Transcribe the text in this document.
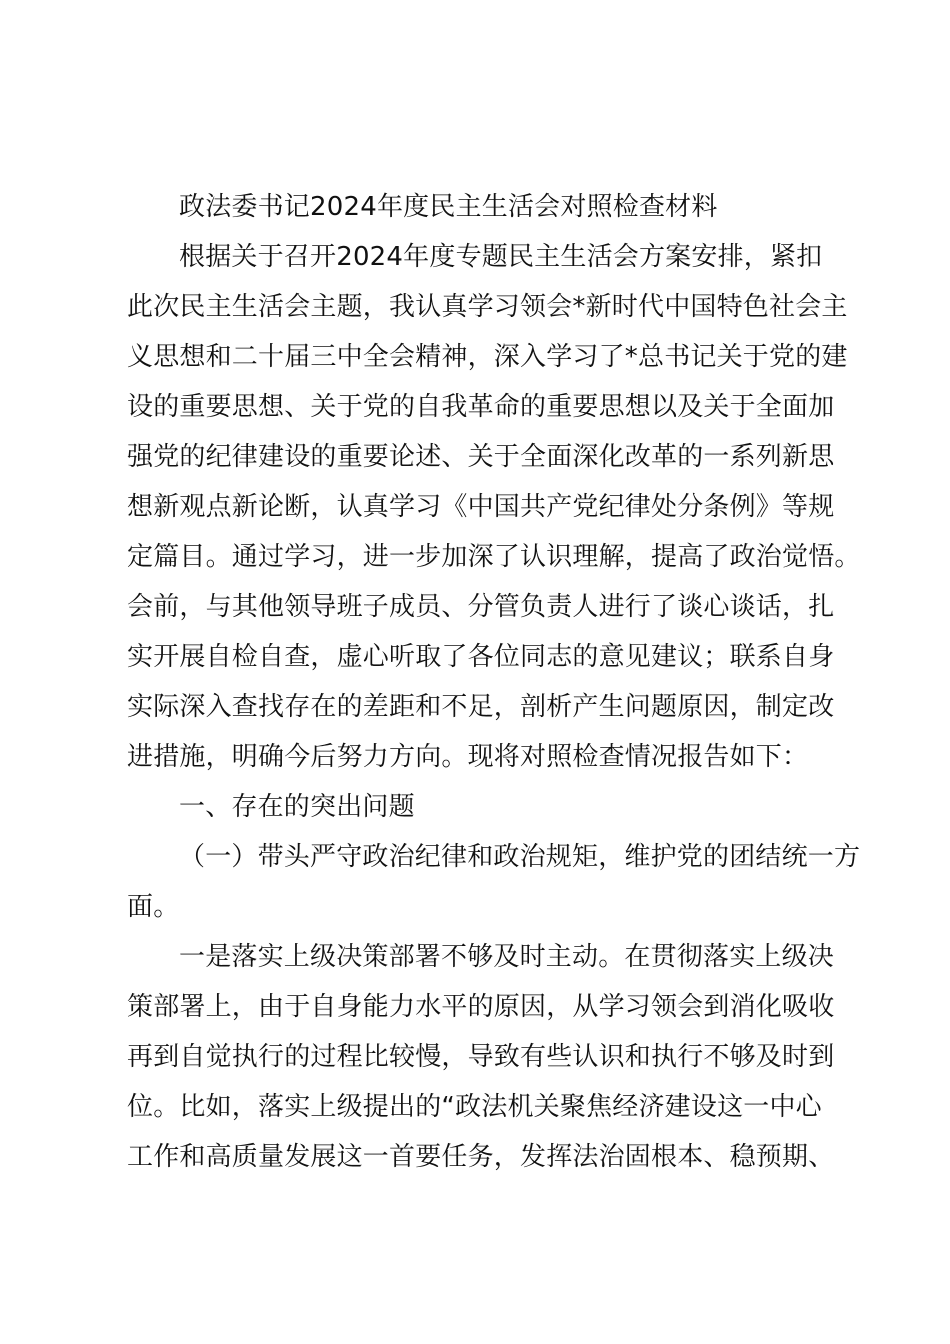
政法委书记2024年度民主生活会对照检查材料
根据关于召开2024年度专题民主生活会方案安排，紧扣
此次民主生活会主题，我认真学习领会*新时代中国特色社会主
义思想和二十届三中全会精神，深入学习了*总书记关于党的建
设的重要思想、关于党的自我革命的重要思想以及关于全面加
强党的纪律建设的重要论述、关于全面深化改革的一系列新思
想新观点新论断，认真学习《中国共产党纪律处分条例》等规
定篇目。通过学习，进一步加深了认识理解，提高了政治觉悟。
会前，与其他领导班子成员、分管负责人进行了谈心谈话，扎
实开展自检自查，虚心听取了各位同志的意见建议；联系自身
实际深入查找存在的差距和不足，剖析产生问题原因，制定改
进措施，明确今后努力方向。现将对照检查情况报告如下：
一、存在的突出问题
（一）带头严守政治纪律和政治规矩，维护党的团结统一方
面。
一是落实上级决策部署不够及时主动。在贯彻落实上级决
策部署上，由于自身能力水平的原因，从学习领会到消化吸收
再到自觉执行的过程比较慢，导致有些认识和执行不够及时到
位。比如，落实上级提出的“政法机关聚焦经济建设这一中心
工作和高质量发展这一首要任务，发挥法治固根本、稳预期、
